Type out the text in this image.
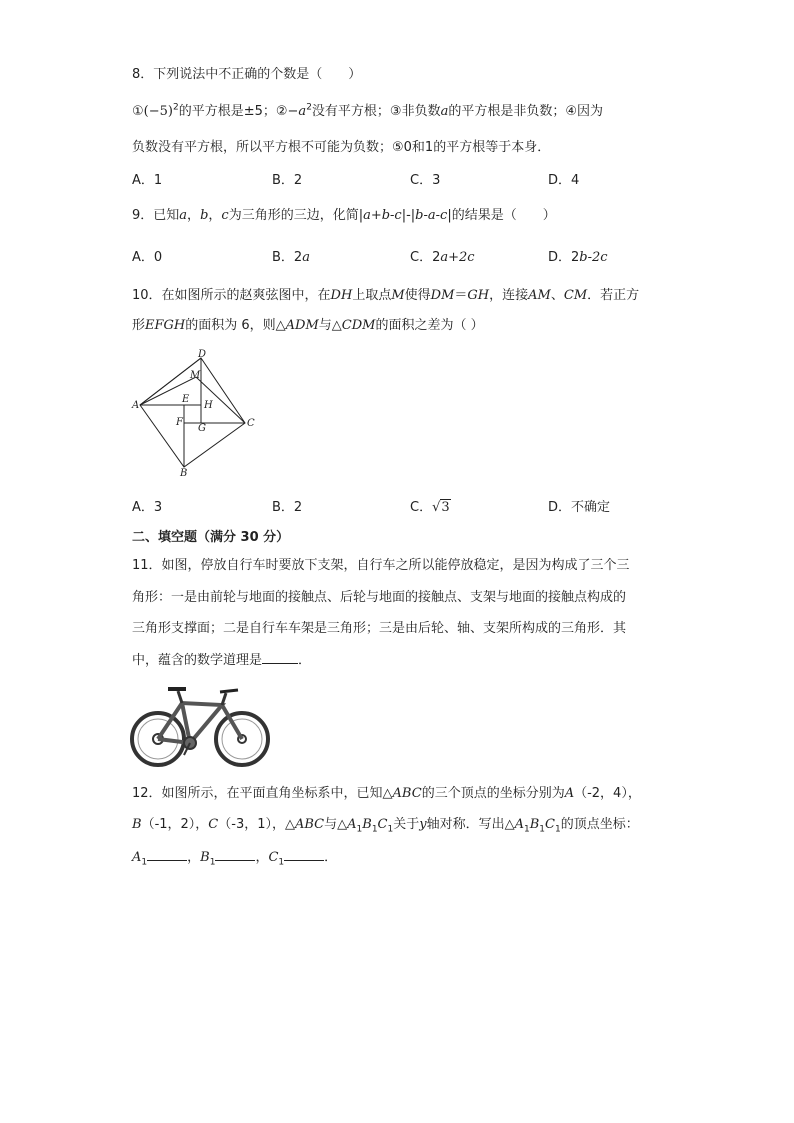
8．下列说法中不正确的个数是（　　）
$①(-5)^2$的平方根是±5；$②-a^2$没有平方根；③非负数a的平方根是非负数；④因为
负数没有平方根，所以平方根不可能为负数；⑤0和1的平方根等于本身．
A．1	B．2	C．3	D．4
9．已知a，b，c为三角形的三边，化简|a+b-c|-|b-a-c|的结果是（　　）
A．0	B．2a	C．2a+2c	D．2b-2c
10．在如图所示的赵爽弦图中，在DH上取点M使得DM＝GH，连接AM、CM．若正方
形EFGH的面积为 6，则△ADM与△CDM的面积之差为（ ）
D
M
A
E
H
F
G	C
B
A．3	B．2	C．√3	D．不确定
二、填空题（满分 30 分）
11．如图，停放自行车时要放下支架，自行车之所以能停放稳定，是因为构成了三个三
角形：一是由前轮与地面的接触点、后轮与地面的接触点、支架与地面的接触点构成的
三角形支撑面；二是自行车车架是三角形；三是由后轮、轴、支架所构成的三角形．其
中，蕴含的数学道理是	．
12．如图所示，在平面直角坐标系中，已知△ABC的三个顶点的坐标分别为A（-2，4），
B（-1，2），C（-3，1），△ABC与$\triangle A_1B_1C_1$关于y轴对称．写出$\triangle A_1B_1C_1$的顶点坐标：
$A_1$	，$B_1$	，$C_1$	．
